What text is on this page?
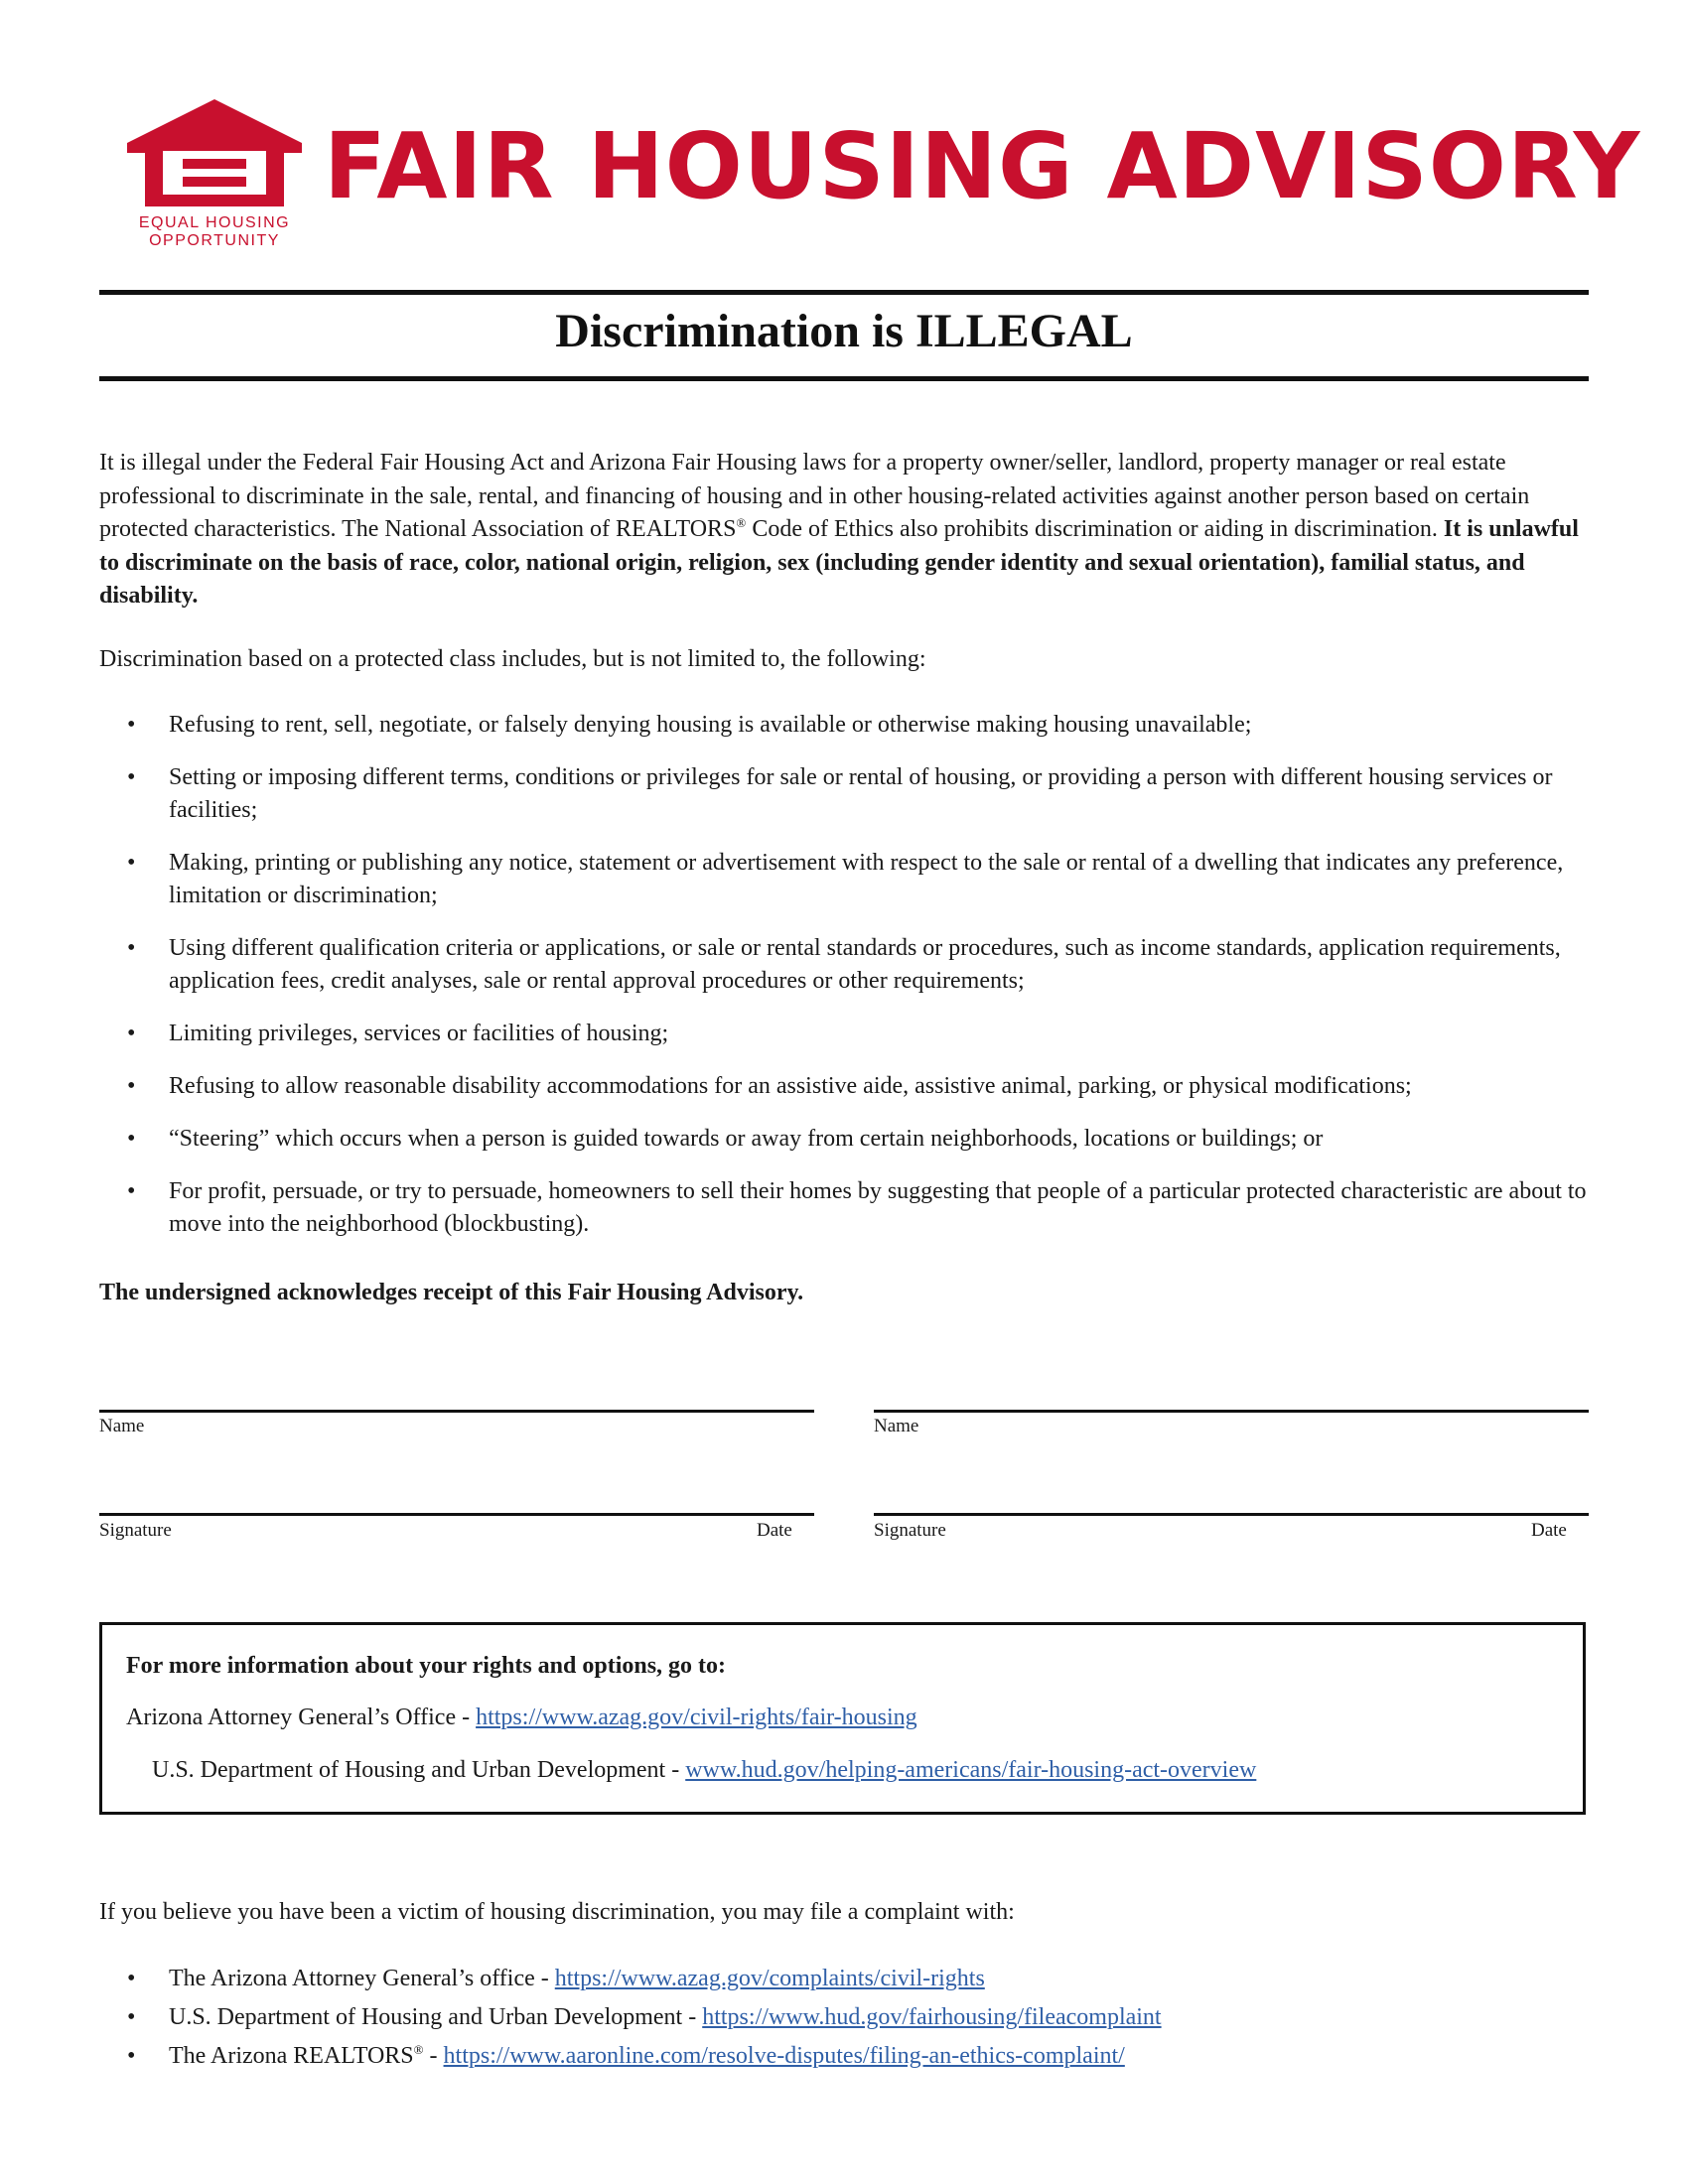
EQUAL HOUSING
OPPORTUNITY
FAIR HOUSING ADVISORY
Discrimination is ILLEGAL
It is illegal under the Federal Fair Housing Act and Arizona Fair Housing laws for a property owner/seller, landlord, property manager or real estate professional to discriminate in the sale, rental, and financing of housing and in other housing-related activities against another person based on certain protected characteristics. The National Association of REALTORS® Code of Ethics also prohibits discrimination or aiding in discrimination. It is unlawful to discriminate on the basis of race, color, national origin, religion, sex (including gender identity and sexual orientation), familial status, and disability.
Discrimination based on a protected class includes, but is not limited to, the following:
• Refusing to rent, sell, negotiate, or falsely denying housing is available or otherwise making housing unavailable;
• Setting or imposing different terms, conditions or privileges for sale or rental of housing, or providing a person with different housing services or facilities;
• Making, printing or publishing any notice, statement or advertisement with respect to the sale or rental of a dwelling that indicates any preference, limitation or discrimination;
• Using different qualification criteria or applications, or sale or rental standards or procedures, such as income standards, application requirements, application fees, credit analyses, sale or rental approval procedures or other requirements;
• Limiting privileges, services or facilities of housing;
• Refusing to allow reasonable disability accommodations for an assistive aide, assistive animal, parking, or physical modifications;
• “Steering” which occurs when a person is guided towards or away from certain neighborhoods, locations or buildings; or
• For profit, persuade, or try to persuade, homeowners to sell their homes by suggesting that people of a particular protected characteristic are about to move into the neighborhood (blockbusting).
The undersigned acknowledges receipt of this Fair Housing Advisory.
Name
Signature	Date
Name
Signature	Date
For more information about your rights and options, go to:
Arizona Attorney General’s Office - https://www.azag.gov/civil-rights/fair-housing
U.S. Department of Housing and Urban Development - www.hud.gov/helping-americans/fair-housing-act-overview
If you believe you have been a victim of housing discrimination, you may file a complaint with:
• The Arizona Attorney General’s office - https://www.azag.gov/complaints/civil-rights
• U.S. Department of Housing and Urban Development - https://www.hud.gov/fairhousing/fileacomplaint
• The Arizona REALTORS® - https://www.aaronline.com/resolve-disputes/filing-an-ethics-complaint/
